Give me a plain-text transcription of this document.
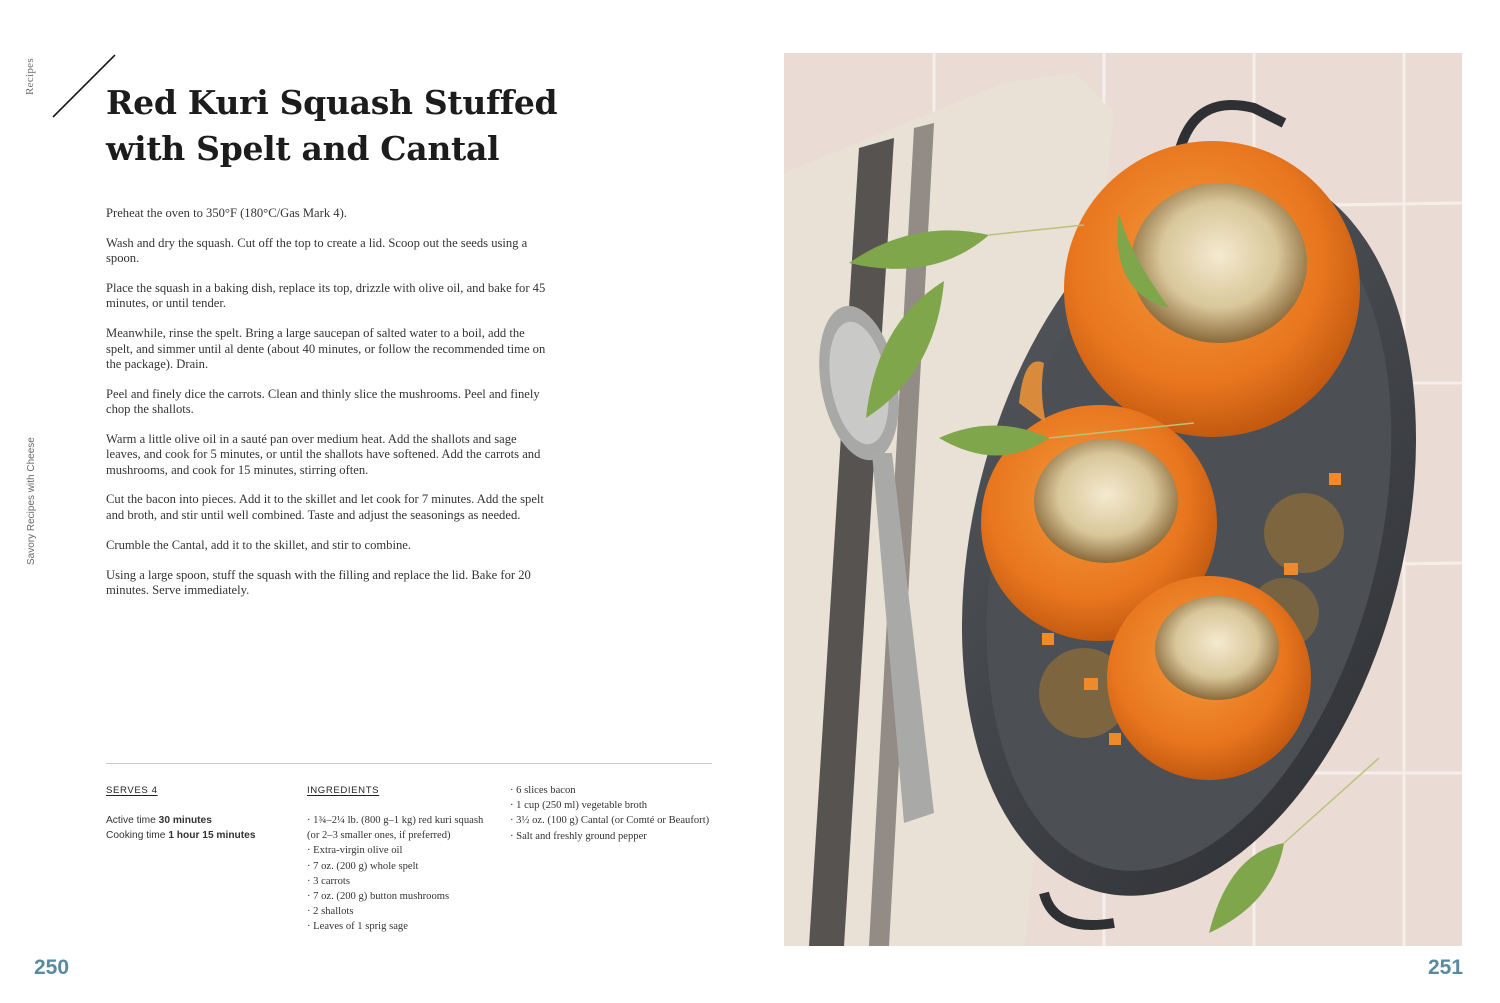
Recipes
Savory Recipes with Cheese
Red Kuri Squash Stuffed
with Spelt and Cantal

Preheat the oven to 350°F (180°C/Gas Mark 4).

Wash and dry the squash. Cut off the top to create a lid. Scoop out the seeds using a spoon.

Place the squash in a baking dish, replace its top, drizzle with olive oil, and bake for 45 minutes, or until tender.

Meanwhile, rinse the spelt. Bring a large saucepan of salted water to a boil, add the spelt, and simmer until al dente (about 40 minutes, or follow the recommended time on the package). Drain.

Peel and finely dice the carrots. Clean and thinly slice the mushrooms. Peel and finely chop the shallots.

Warm a little olive oil in a sauté pan over medium heat. Add the shallots and sage leaves, and cook for 5 minutes, or until the shallots have softened. Add the carrots and mushrooms, and cook for 15 minutes, stirring often.

Cut the bacon into pieces. Add it to the skillet and let cook for 7 minutes. Add the spelt and broth, and stir until well combined. Taste and adjust the seasonings as needed.

Crumble the Cantal, add it to the skillet, and stir to combine.

Using a large spoon, stuff the squash with the filling and replace the lid. Bake for 20 minutes. Serve immediately.

SERVES 4
Active time 30 minutes
Cooking time 1 hour 15 minutes
INGREDIENTS
· 1¾–2¼ lb. (800 g–1 kg) red kuri squash (or 2–3 smaller ones, if preferred)
· Extra-virgin olive oil
· 7 oz. (200 g) whole spelt
· 3 carrots
· 7 oz. (200 g) button mushrooms
· 2 shallots
· Leaves of 1 sprig sage
· 6 slices bacon
· 1 cup (250 ml) vegetable broth
· 3½ oz. (100 g) Cantal (or Comté or Beaufort)
· Salt and freshly ground pepper
250	251
